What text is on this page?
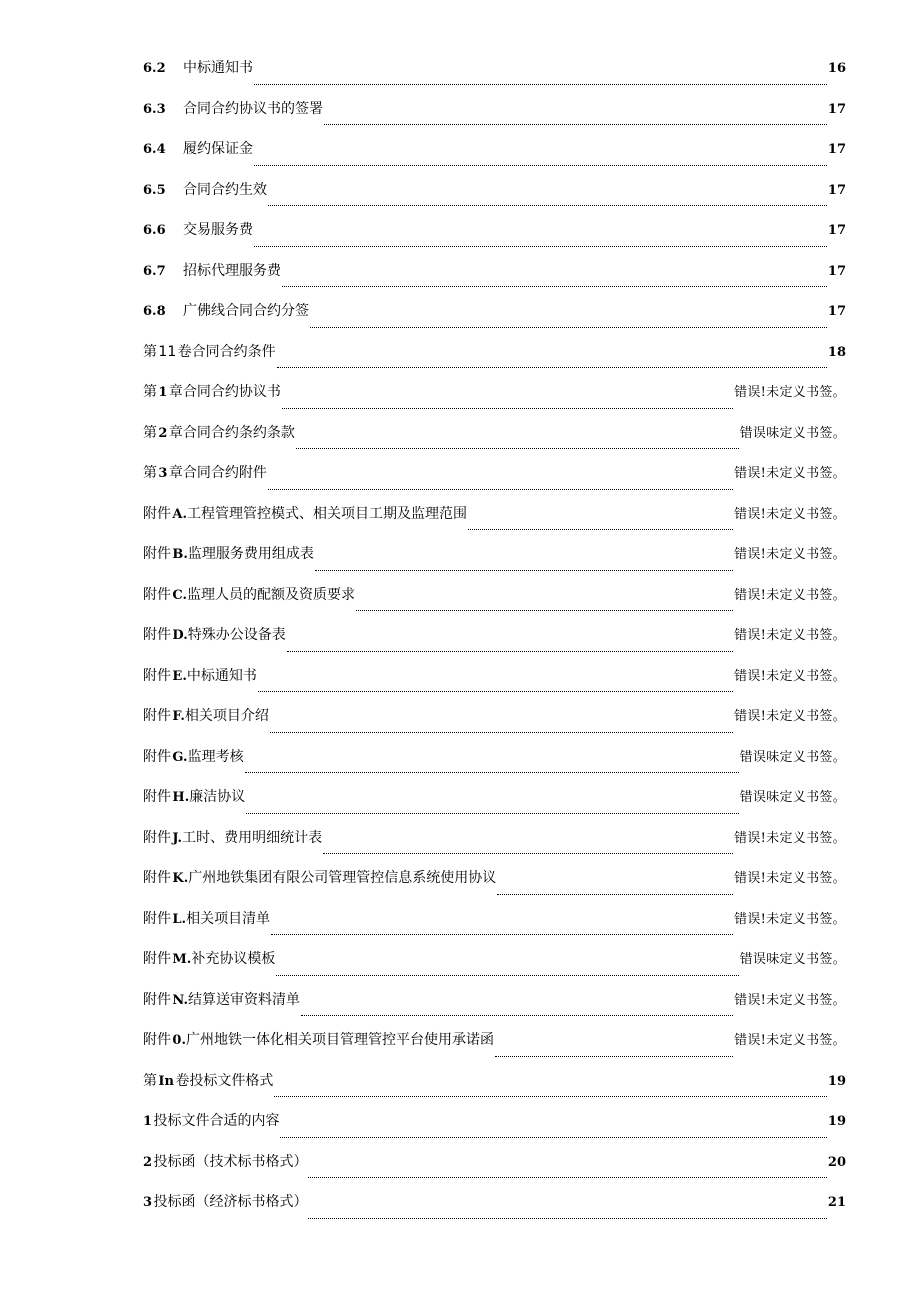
6.2	中标通知书	16
6.3	合同合约协议书的签署	17
6.4	履约保证金	17
6.5	合同合约生效	17
6.6	交易服务费	17
6.7	招标代理服务费	17
6.8	广佛线合同合约分签	17
第 11 卷合同合约条件	18
第 1 章合同合约协议书	错误!未定义书签。
第 2 章合同合约条约条款	错误味定义书签。
第 3 章合同合约附件	错误!未定义书签。
附件 A.工程管理管控模式、相关项目工期及监理范围	错误!未定义书签。
附件 B.监理服务费用组成表	错误!未定义书签。
附件 C.监理人员的配额及资质要求	错误!未定义书签。
附件 D.特殊办公设备表	错误!未定义书签。
附件 E.中标通知书	错误!未定义书签。
附件 F.相关项目介绍	错误!未定义书签。
附件 G.监理考核	错误味定义书签。
附件 H.廉洁协议	错误味定义书签。
附件 J.工时、费用明细统计表	错误!未定义书签。
附件 K.广州地铁集团有限公司管理管控信息系统使用协议	错误!未定义书签。
附件 L.相关项目清单	错误!未定义书签。
附件 M.补充协议模板	错误味定义书签。
附件 N.结算送审资料清单	错误!未定义书签。
附件 0.广州地铁一体化相关项目管理管控平台使用承诺函	错误!未定义书签。
第 In 卷投标文件格式	19
1 投标文件合适的内容	19
2 投标函（技术标书格式）	20
3 投标函（经济标书格式）	21
